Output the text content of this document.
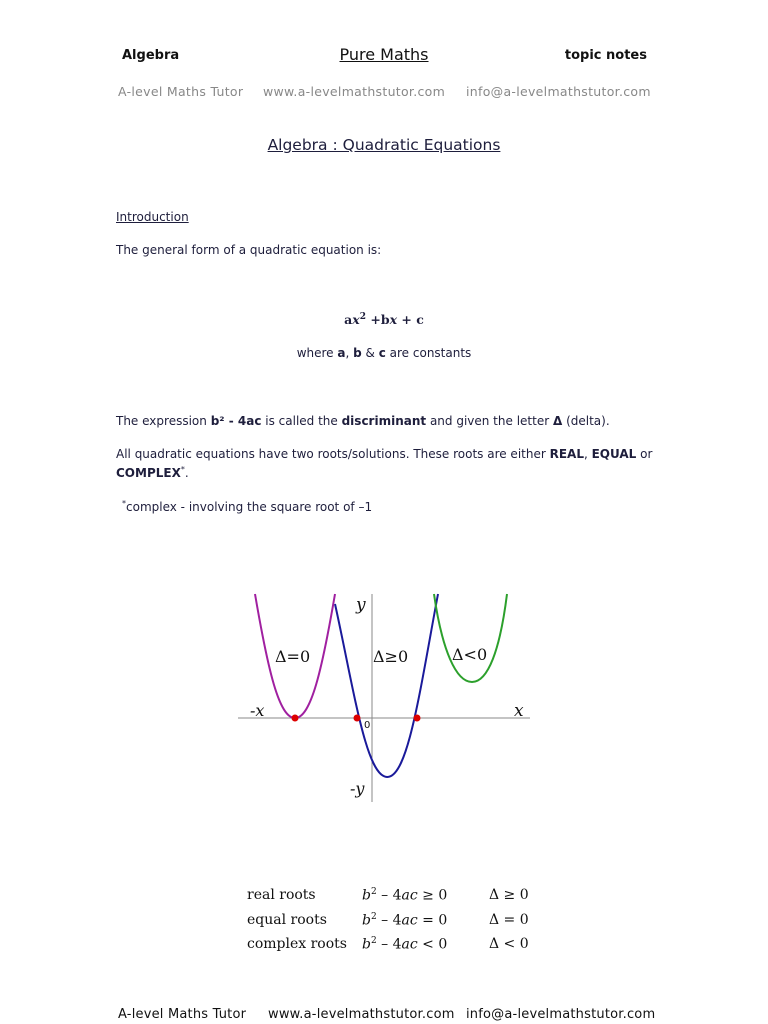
Algebra	Pure Maths	topic notes
A-level Maths Tutor www.a-levelmathstutor.com info@a-levelmathstutor.com
Algebra : Quadratic Equations
Introduction
The general form of a quadratic equation is:
$ax^2 +bx + c$
where a, b & c are constants
The expression b² - 4ac is called the discriminant and given the letter Δ (delta).
All quadratic equations have two roots/solutions. These roots are either REAL, EQUAL or
COMPLEX*.
*complex - involving the square root of –1
y
-y
x
-x
0
Δ=0	Δ≥0	Δ<0
real roots	$b^2 - 4ac \ge 0$	Δ ≥ 0
equal roots	$b^2 - 4ac = 0$	Δ = 0
complex roots $b^2 - 4ac < 0$	Δ < 0
A-level Maths Tutor www.a-levelmathstutor.com info@a-levelmathstutor.com
